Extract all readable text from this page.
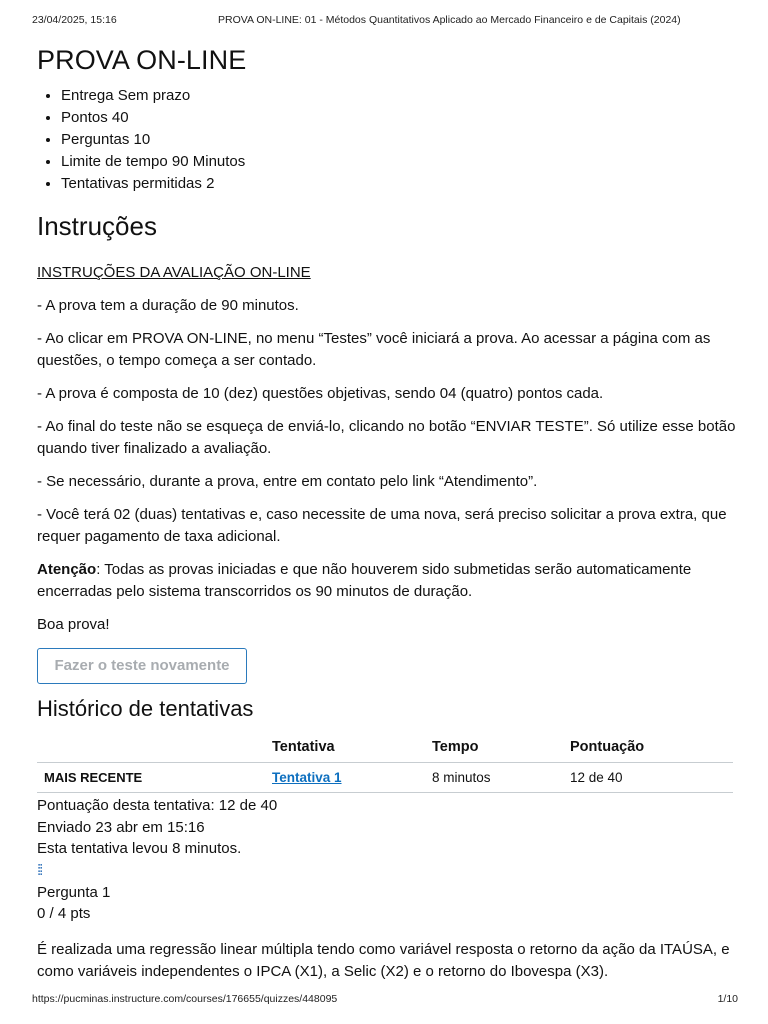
23/04/2025, 15:16	PROVA ON-LINE: 01 - Métodos Quantitativos Aplicado ao Mercado Financeiro e de Capitais (2024)
PROVA ON-LINE
• Entrega Sem prazo
• Pontos 40
• Perguntas 10
• Limite de tempo 90 Minutos
• Tentativas permitidas 2
Instruções
INSTRUÇÕES DA AVALIAÇÃO ON-LINE

- A prova tem a duração de 90 minutos.

- Ao clicar em PROVA ON-LINE, no menu “Testes” você iniciará a prova. Ao acessar a página com as questões, o tempo começa a ser contado.

- A prova é composta de 10 (dez) questões objetivas, sendo 04 (quatro) pontos cada.

- Ao final do teste não se esqueça de enviá-lo, clicando no botão “ENVIAR TESTE”. Só utilize esse botão quando tiver finalizado a avaliação.

- Se necessário, durante a prova, entre em contato pelo link “Atendimento”.

- Você terá 02 (duas) tentativas e, caso necessite de uma nova, será preciso solicitar a prova extra, que requer pagamento de taxa adicional.

Atenção: Todas as provas iniciadas e que não houverem sido submetidas serão automaticamente encerradas pelo sistema transcorridos os 90 minutos de duração.

Boa prova!

Fazer o teste novamente
Histórico de tentativas
	Tentativa	Tempo	Pontuação
MAIS RECENTE	Tentativa 1	8 minutos	12 de 40
Pontuação desta tentativa: 12 de 40
Enviado 23 abr em 15:16
Esta tentativa levou 8 minutos.
⁞⁞
Pergunta 1
0 / 4 pts
É realizada uma regressão linear múltipla tendo como variável resposta o retorno da ação da ITAÚSA, e como variáveis independentes o IPCA (X1), a Selic (X2) e o retorno do Ibovespa (X3).
https://pucminas.instructure.com/courses/176655/quizzes/448095	1/10
